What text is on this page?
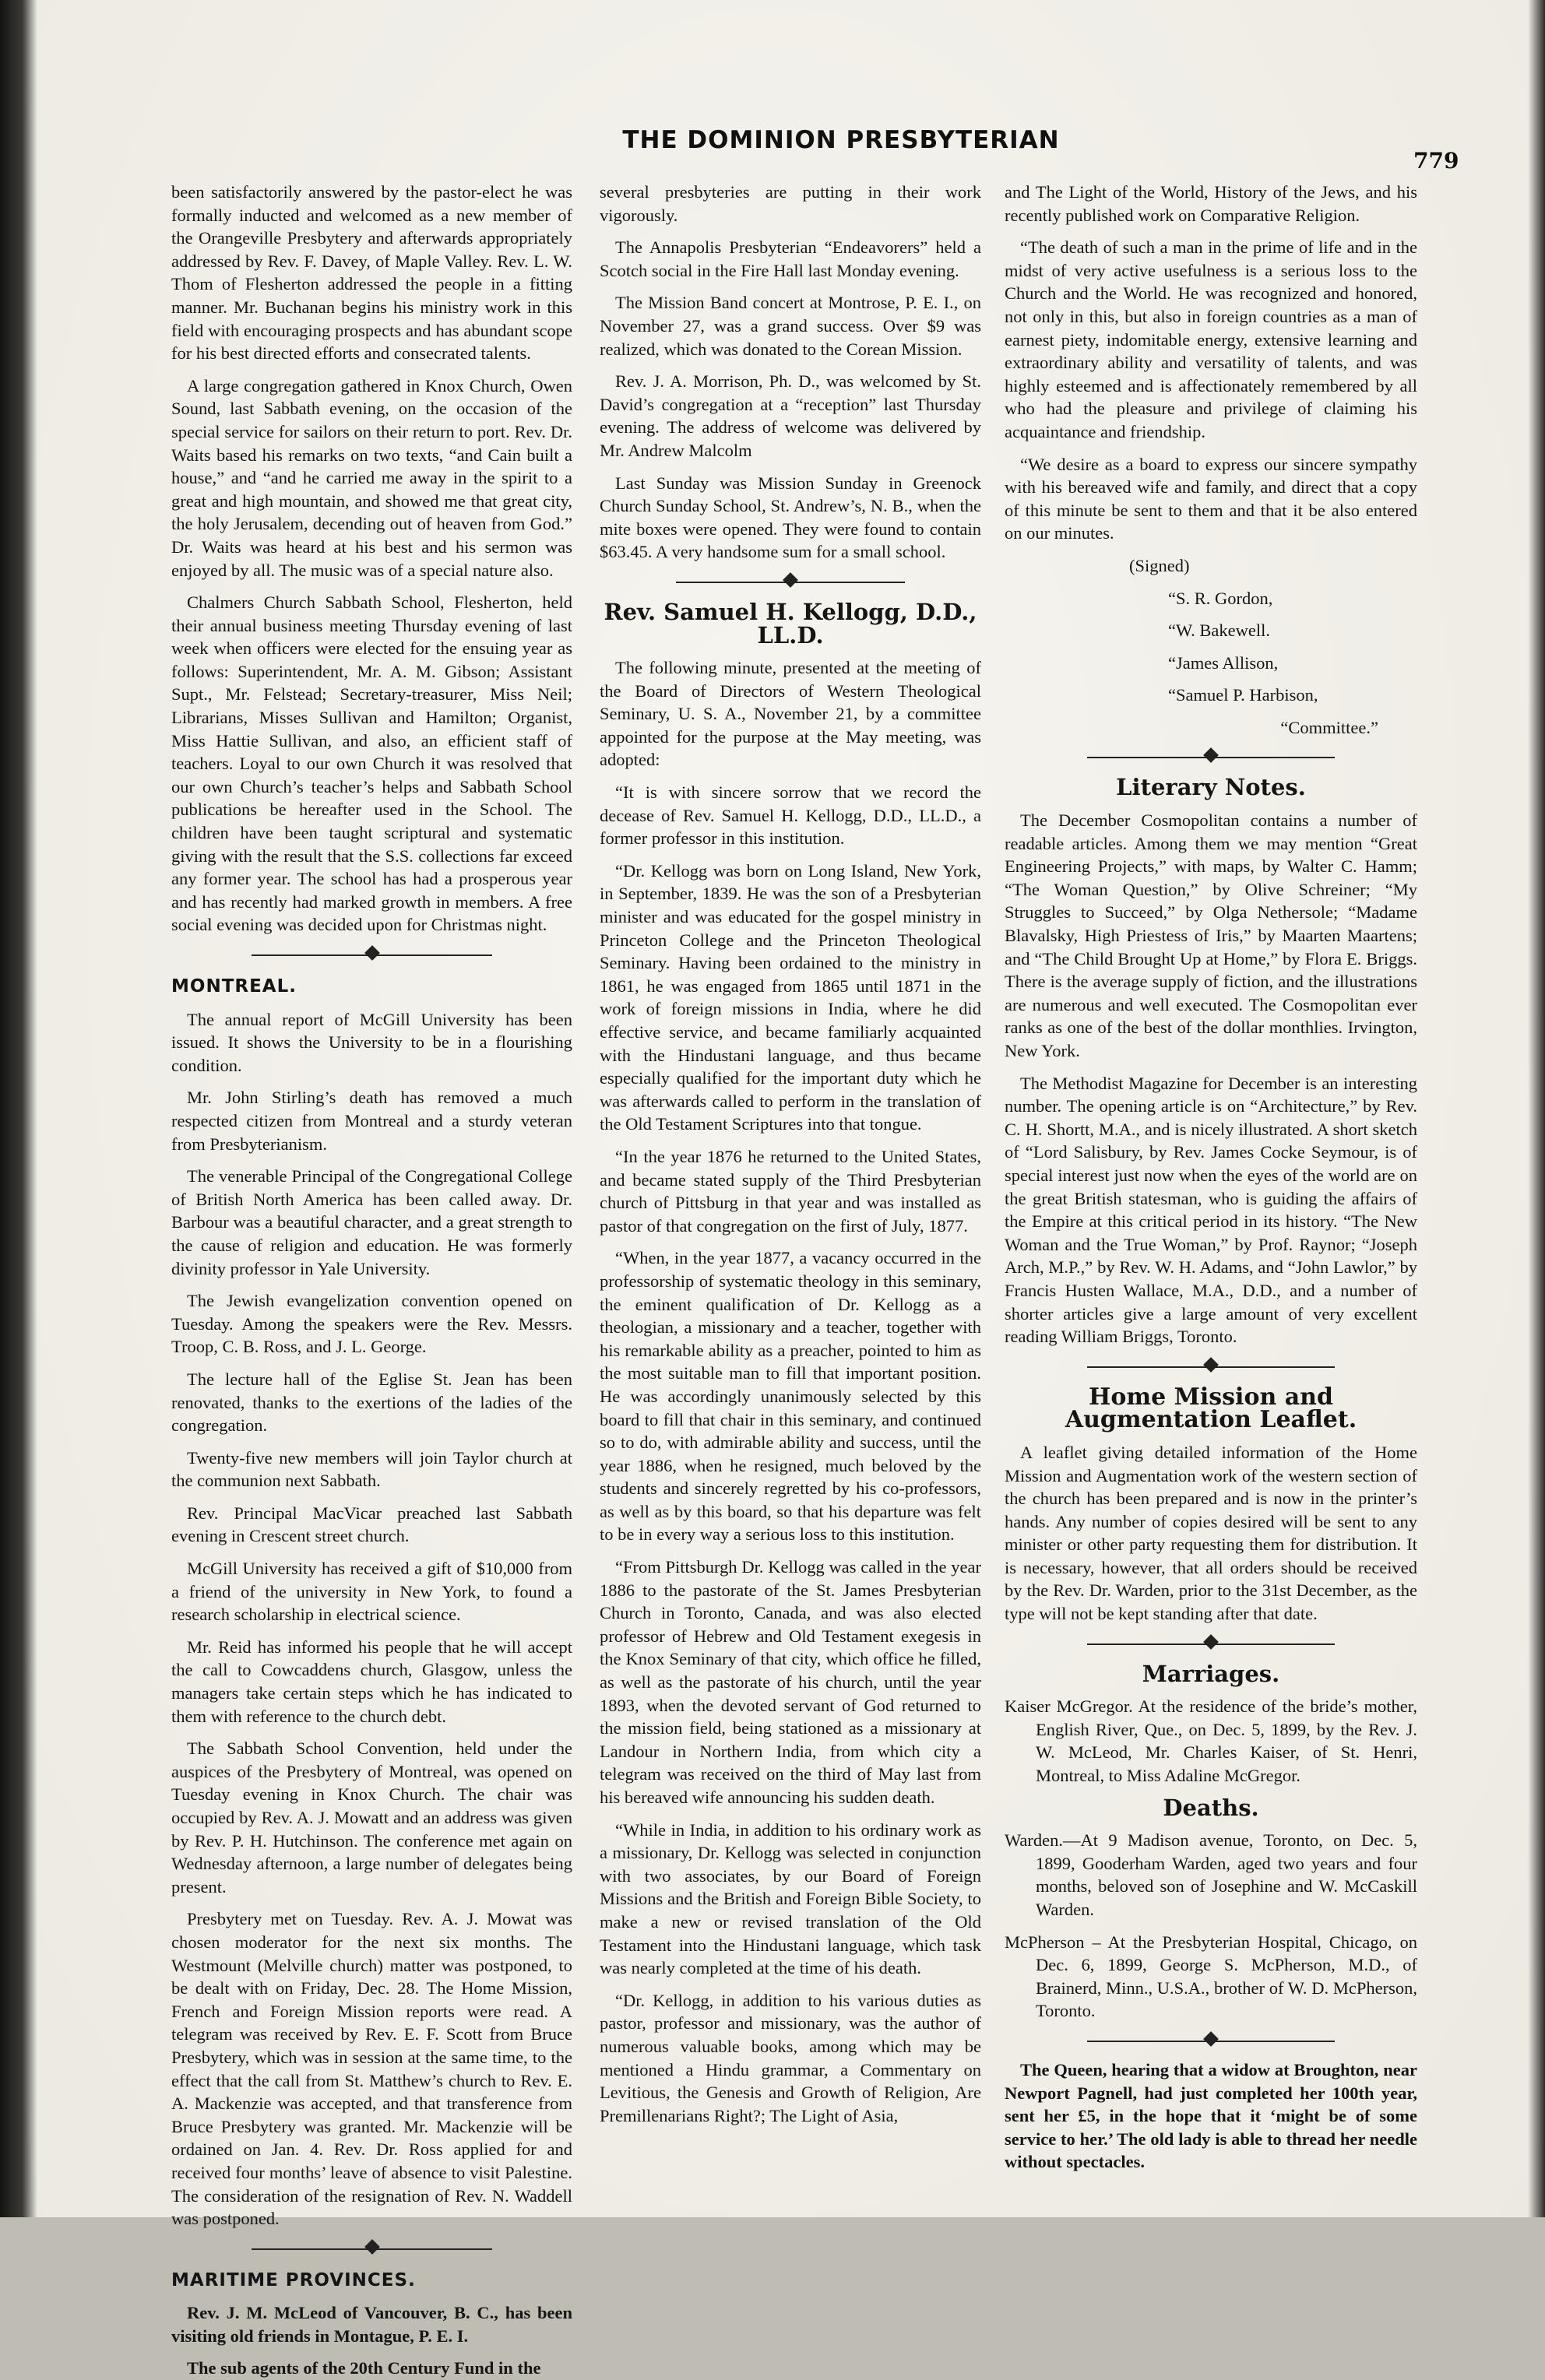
THE DOMINION PRESBYTERIAN
779

been satisfactorily answered by the pastor-elect he was formally inducted and welcomed as a new member of the Orangeville Presbytery and afterwards appropriately addressed by Rev. F. Davey, of Maple Valley. Rev. L. W. Thom of Flesherton addressed the people in a fitting manner. Mr. Buchanan begins his ministry work in this field with encouraging prospects and has abundant scope for his best directed efforts and consecrated talents.

A large congregation gathered in Knox Church, Owen Sound, last Sabbath evening, on the occasion of the special service for sailors on their return to port. Rev. Dr. Waits based his remarks on two texts, “and Cain built a house,” and “and he carried me away in the spirit to a great and high mountain, and showed me that great city, the holy Jerusalem, decending out of heaven from God.” Dr. Waits was heard at his best and his sermon was enjoyed by all. The music was of a special nature also.

Chalmers Church Sabbath School, Flesherton, held their annual business meeting Thursday evening of last week when officers were elected for the ensuing year as follows: Superintendent, Mr. A. M. Gibson; Assistant Supt., Mr. Felstead; Secretary-treasurer, Miss Neil; Librarians, Misses Sullivan and Hamilton; Organist, Miss Hattie Sullivan, and also, an efficient staff of teachers. Loyal to our own Church it was resolved that our own Church’s teacher’s helps and Sabbath School publications be hereafter used in the School. The children have been taught scriptural and systematic giving with the result that the S.S. collections far exceed any former year. The school has had a prosperous year and has recently had marked growth in members. A free social evening was decided upon for Christmas night.

MONTREAL.

The annual report of McGill University has been issued. It shows the University to be in a flourishing condition.

Mr. John Stirling’s death has removed a much respected citizen from Montreal and a sturdy veteran from Presbyterianism.

The venerable Principal of the Congregational College of British North America has been called away. Dr. Barbour was a beautiful character, and a great strength to the cause of religion and education. He was formerly divinity professor in Yale University.

The Jewish evangelization convention opened on Tuesday. Among the speakers were the Rev. Messrs. Troop, C. B. Ross, and J. L. George.

The lecture hall of the Eglise St. Jean has been renovated, thanks to the exertions of the ladies of the congregation.

Twenty-five new members will join Taylor church at the communion next Sabbath.

Rev. Principal MacVicar preached last Sabbath evening in Crescent street church.

McGill University has received a gift of $10,000 from a friend of the university in New York, to found a research scholarship in electrical science.

Mr. Reid has informed his people that he will accept the call to Cowcaddens church, Glasgow, unless the managers take certain steps which he has indicated to them with reference to the church debt.

The Sabbath School Convention, held under the auspices of the Presbytery of Montreal, was opened on Tuesday evening in Knox Church. The chair was occupied by Rev. A. J. Mowatt and an address was given by Rev. P. H. Hutchinson. The conference met again on Wednesday afternoon, a large number of delegates being present.

Presbytery met on Tuesday. Rev. A. J. Mowat was chosen moderator for the next six months. The Westmount (Melville church) matter was postponed, to be dealt with on Friday, Dec. 28. The Home Mission, French and Foreign Mission reports were read. A telegram was received by Rev. E. F. Scott from Bruce Presbytery, which was in session at the same time, to the effect that the call from St. Matthew’s church to Rev. E. A. Mackenzie was accepted, and that transference from Bruce Presbytery was granted. Mr. Mackenzie will be ordained on Jan. 4. Rev. Dr. Ross applied for and received four months’ leave of absence to visit Palestine. The consideration of the resignation of Rev. N. Waddell was postponed.

MARITIME PROVINCES.

Rev. J. M. McLeod of Vancouver, B. C., has been visiting old friends in Montague, P. E. I.

The sub agents of the 20th Century Fund in the

several presbyteries are putting in their work vigorously.

The Annapolis Presbyterian “Endeavorers” held a Scotch social in the Fire Hall last Monday evening.

The Mission Band concert at Montrose, P. E. I., on November 27, was a grand success. Over $9 was realized, which was donated to the Corean Mission.

Rev. J. A. Morrison, Ph. D., was welcomed by St. David’s congregation at a “reception” last Thursday evening. The address of welcome was delivered by Mr. Andrew Malcolm

Last Sunday was Mission Sunday in Greenock Church Sunday School, St. Andrew’s, N. B., when the mite boxes were opened. They were found to contain $63.45. A very handsome sum for a small school.

Rev. Samuel H. Kellogg, D.D., LL.D.

The following minute, presented at the meeting of the Board of Directors of Western Theological Seminary, U. S. A., November 21, by a committee appointed for the purpose at the May meeting, was adopted:

“It is with sincere sorrow that we record the decease of Rev. Samuel H. Kellogg, D.D., LL.D., a former professor in this institution.

“Dr. Kellogg was born on Long Island, New York, in September, 1839. He was the son of a Presbyterian minister and was educated for the gospel ministry in Princeton College and the Princeton Theological Seminary. Having been ordained to the ministry in 1861, he was engaged from 1865 until 1871 in the work of foreign missions in India, where he did effective service, and became familiarly acquainted with the Hindustani language, and thus became especially qualified for the important duty which he was afterwards called to perform in the translation of the Old Testament Scriptures into that tongue.

“In the year 1876 he returned to the United States, and became stated supply of the Third Presbyterian church of Pittsburg in that year and was installed as pastor of that congregation on the first of July, 1877.

“When, in the year 1877, a vacancy occurred in the professorship of systematic theology in this seminary, the eminent qualification of Dr. Kellogg as a theologian, a missionary and a teacher, together with his remarkable ability as a preacher, pointed to him as the most suitable man to fill that important position. He was accordingly unanimously selected by this board to fill that chair in this seminary, and continued so to do, with admirable ability and success, until the year 1886, when he resigned, much beloved by the students and sincerely regretted by his co-professors, as well as by this board, so that his departure was felt to be in every way a serious loss to this institution.

“From Pittsburgh Dr. Kellogg was called in the year 1886 to the pastorate of the St. James Presbyterian Church in Toronto, Canada, and was also elected professor of Hebrew and Old Testament exegesis in the Knox Seminary of that city, which office he filled, as well as the pastorate of his church, until the year 1893, when the devoted servant of God returned to the mission field, being stationed as a missionary at Landour in Northern India, from which city a telegram was received on the third of May last from his bereaved wife announcing his sudden death.

“While in India, in addition to his ordinary work as a missionary, Dr. Kellogg was selected in conjunction with two associates, by our Board of Foreign Missions and the British and Foreign Bible Society, to make a new or revised translation of the Old Testament into the Hindustani language, which task was nearly completed at the time of his death.

“Dr. Kellogg, in addition to his various duties as pastor, professor and missionary, was the author of numerous valuable books, among which may be mentioned a Hindu grammar, a Commentary on Levitious, the Genesis and Growth of Religion, Are Premillenarians Right?; The Light of Asia,

and The Light of the World, History of the Jews, and his recently published work on Comparative Religion.

“The death of such a man in the prime of life and in the midst of very active usefulness is a serious loss to the Church and the World. He was recognized and honored, not only in this, but also in foreign countries as a man of earnest piety, indomitable energy, extensive learning and extraordinary ability and versatility of talents, and was highly esteemed and is affectionately remembered by all who had the pleasure and privilege of claiming his acquaintance and friendship.

“We desire as a board to express our sincere sympathy with his bereaved wife and family, and direct that a copy of this minute be sent to them and that it be also entered on our minutes.

(Signed)

“S. R. Gordon,

“W. Bakewell.

“James Allison,

“Samuel P. Harbison,

“Committee.”

Literary Notes.

The December Cosmopolitan contains a number of readable articles. Among them we may mention “Great Engineering Projects,” with maps, by Walter C. Hamm; “The Woman Question,” by Olive Schreiner; “My Struggles to Succeed,” by Olga Nethersole; “Madame Blavalsky, High Priestess of Iris,” by Maarten Maartens; and “The Child Brought Up at Home,” by Flora E. Briggs. There is the average supply of fiction, and the illustrations are numerous and well executed. The Cosmopolitan ever ranks as one of the best of the dollar monthlies. Irvington, New York.

The Methodist Magazine for December is an interesting number. The opening article is on “Architecture,” by Rev. C. H. Shortt, M.A., and is nicely illustrated. A short sketch of “Lord Salisbury, by Rev. James Cocke Seymour, is of special interest just now when the eyes of the world are on the great British statesman, who is guiding the affairs of the Empire at this critical period in its history. “The New Woman and the True Woman,” by Prof. Raynor; “Joseph Arch, M.P.,” by Rev. W. H. Adams, and “John Lawlor,” by Francis Husten Wallace, M.A., D.D., and a number of shorter articles give a large amount of very excellent reading William Briggs, Toronto.

Home Mission and Augmentation Leaflet.

A leaflet giving detailed information of the Home Mission and Augmentation work of the western section of the church has been prepared and is now in the printer’s hands. Any number of copies desired will be sent to any minister or other party requesting them for distribution. It is necessary, however, that all orders should be received by the Rev. Dr. Warden, prior to the 31st December, as the type will not be kept standing after that date.

Marriages.

Kaiser McGregor. At the residence of the bride’s mother, English River, Que., on Dec. 5, 1899, by the Rev. J. W. McLeod, Mr. Charles Kaiser, of St. Henri, Montreal, to Miss Adaline McGregor.

Deaths.

Warden.—At 9 Madison avenue, Toronto, on Dec. 5, 1899, Gooderham Warden, aged two years and four months, beloved son of Josephine and W. McCaskill Warden.

McPherson – At the Presbyterian Hospital, Chicago, on Dec. 6, 1899, George S. McPherson, M.D., of Brainerd, Minn., U.S.A., brother of W. D. McPherson, Toronto.

The Queen, hearing that a widow at Broughton, near Newport Pagnell, had just completed her 100th year, sent her £5, in the hope that it ‘might be of some service to her.’ The old lady is able to thread her needle without spectacles.
